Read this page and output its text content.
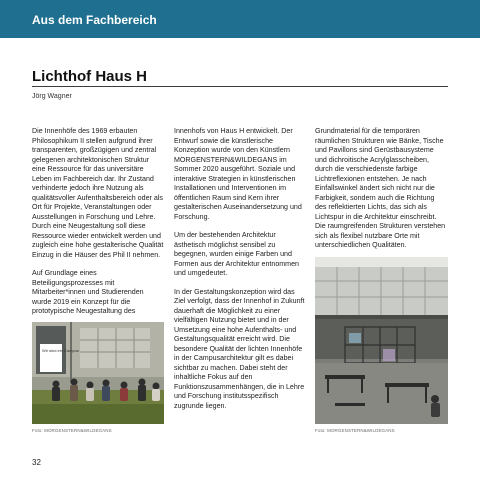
Aus dem Fachbereich
Lichthof Haus H
Jörg Wagner

Die Innenhöfe des 1969 erbauten Philosophikum II stellen aufgrund ihrer transparenten, großzügigen und zentral gelegenen architektonischen Struktur eine Ressource für das universitäre Leben im Fachbereich dar. Ihr Zustand verhinderte jedoch ihre Nutzung als qualitätsvoller Aufenthaltsbereich oder als Ort für Projekte, Veranstaltungen oder Ausstellungen in Forschung und Lehre. Durch eine Neugestaltung soll diese Ressource wieder entwickelt werden und zugleich eine hohe gestalterische Qualität Einzug in die Häuser des Phil II nehmen.

Auf Grundlage eines Beteiligungsprozesses mit Mitarbeiter*innen und Studierenden wurde 2019 ein Konzept für die prototypische Neugestaltung des

Innenhofs von Haus H entwickelt. Der Entwurf sowie die künstlerische Konzeption wurde von den Künstlern MORGENSTERN&WILDEGANS im Sommer 2020 ausgeführt. Soziale und interaktive Strategien in künstlerischen Installationen und Interventionen im öffentlichen Raum sind Kern ihrer gestalterischen Auseinandersetzung und Forschung.

Um der bestehenden Architektur ästhetisch möglichst sensibel zu begegnen, wurden einige Farben und Formen aus der Architektur entnommen und umgedeutet.

In der Gestaltungskonzeption wird das Ziel verfolgt, dass der Innenhof in Zukunft dauerhaft die Möglichkeit zu einer vielfältigen Nutzung bietet und in der Umsetzung eine hohe Aufenthalts- und Gestaltungsqualität erreicht wird. Die besondere Qualität der lichten Innenhöfe in der Campusarchitektur gilt es dabei sichtbar zu machen. Dabei steht der inhaltliche Fokus auf den Funktionszusammenhängen, die in Lehre und Forschung institutsspezifisch zugrunde liegen.

Grundmaterial für die temporären räumlichen Strukturen wie Bänke, Tische und Pavillons sind Gerüstbausysteme und dichroitische Acrylglasscheiben, durch die verschiedenste farbige Lichtreflexionen entstehen. Je nach Einfallswinkel ändert sich nicht nur die Farbigkeit, sondern auch die Richtung des reflektierten Lichts, das sich als Lichtspur in die Architektur einschreibt. Die raumgreifenden Strukturen verstehen sich als flexibel nutzbare Orte mit unterschiedlichen Qualitäten.

Wir sind ein Campus
Foto: MORGENSTERN&WILDEGANS	Foto: MORGENSTERN&WILDEGANS
32
